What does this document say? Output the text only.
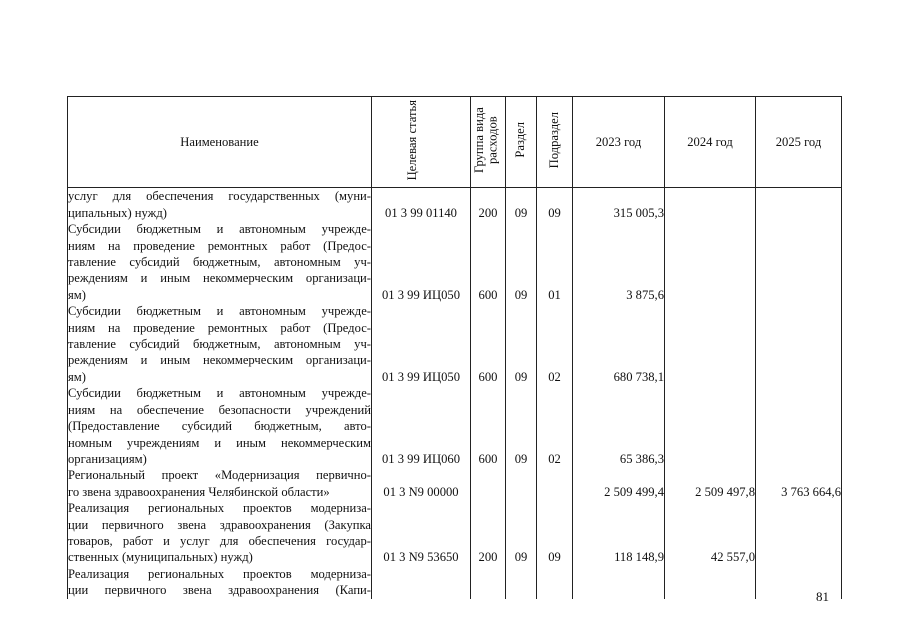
Наименование	Целевая статья	Группа вида расходов	Раздел	Подраздел	2023 год	2024 год	2025 год

услуг для обеспечения государственных (муни-
ципальных) нужд)	01 3 99 01140	200	09	09	315 005,3		

Субсидии бюджетным и автономным учрежде-
ниям на проведение ремонтных работ (Предос-
тавление субсидий бюджетным, автономным уч-
реждениям и иным некоммерческим организаци-
ям)	01 3 99 ИЦ050	600	09	01	3 875,6		

Субсидии бюджетным и автономным учрежде-
ниям на проведение ремонтных работ (Предос-
тавление субсидий бюджетным, автономным уч-
реждениям и иным некоммерческим организаци-
ям)	01 3 99 ИЦ050	600	09	02	680 738,1		

Субсидии бюджетным и автономным учрежде-
ниям на обеспечение безопасности учреждений
(Предоставление субсидий бюджетным, авто-
номным учреждениям и иным некоммерческим
организациям)	01 3 99 ИЦ060	600	09	02	65 386,3		

Региональный проект «Модернизация первично-
го звена здравоохранения Челябинской области»	01 3 N9 00000				2 509 499,4	2 509 497,8	3 763 664,6

Реализация региональных проектов модерниза-
ции первичного звена здравоохранения (Закупка
товаров, работ и услуг для обеспечения государ-
ственных (муниципальных) нужд)	01 3 N9 53650	200	09	09	118 148,9	42 557,0	

Реализация региональных проектов модерниза-
ции первичного звена здравоохранения (Капи-							
								81
